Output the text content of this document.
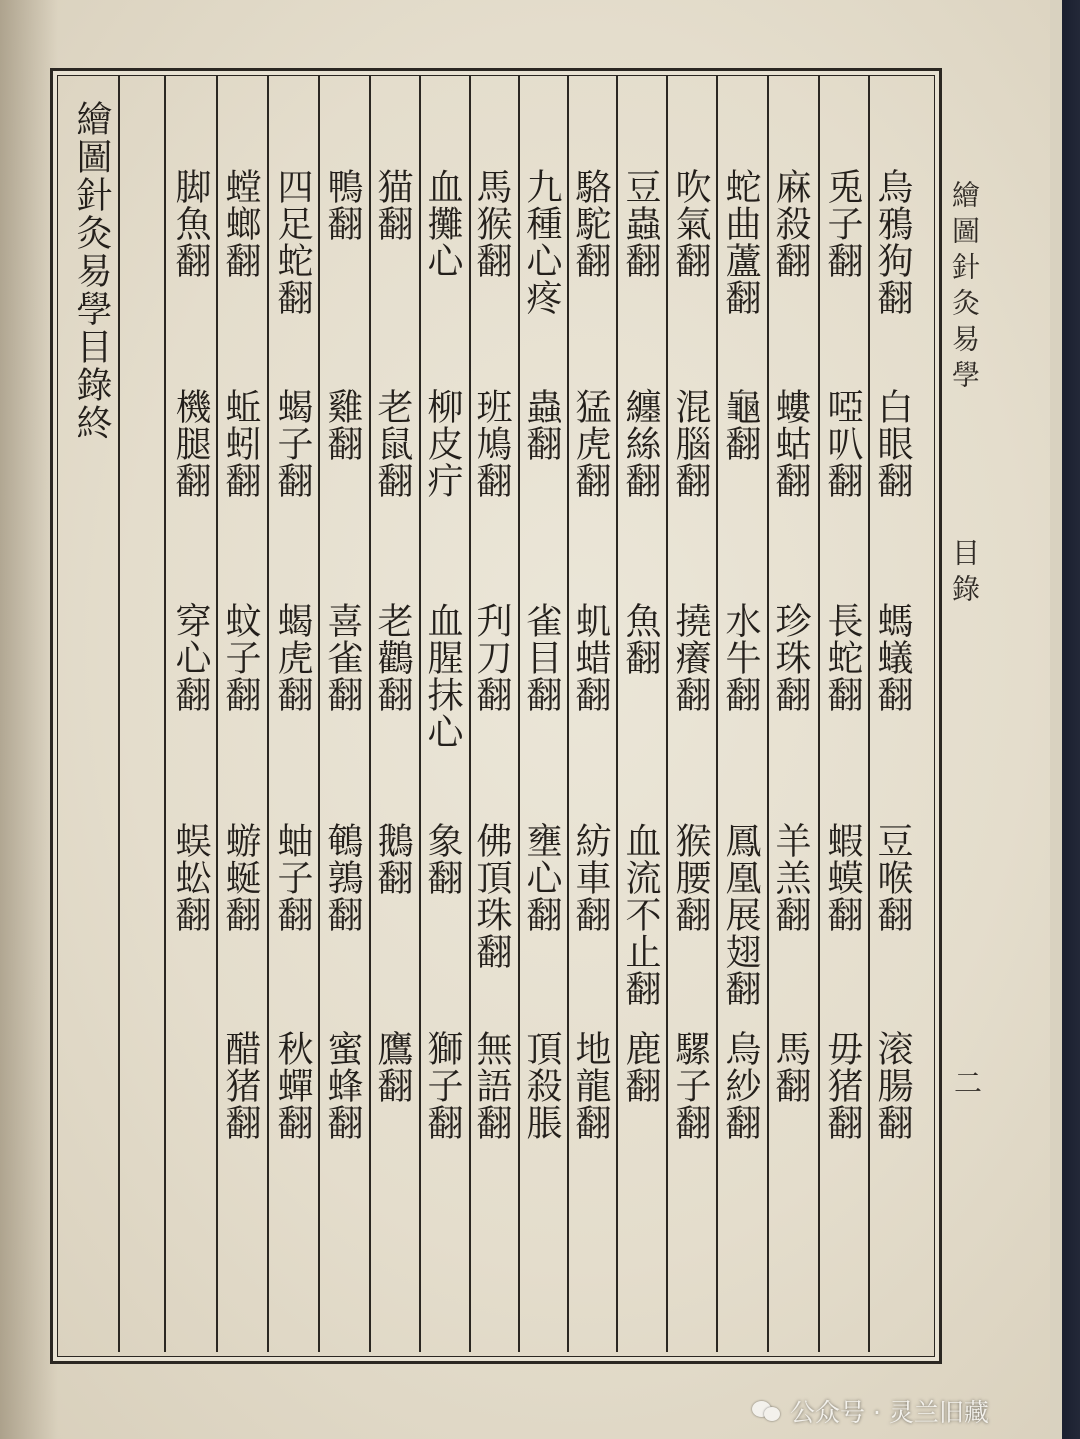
繪圖針灸易學
目錄
二
繪圖針灸易學目錄終	烏鴉狗翻
白眼翻
螞蟻翻
豆喉翻
滚腸翻
兎子翻
啞叭翻
長蛇翻
蝦蟆翻
毋猪翻
麻殺翻
螻蛄翻
珍珠翻
羊羔翻
馬翻
蛇曲蘆翻
龜翻
水牛翻
鳳凰展翅翻
烏紗翻
吹氣翻
混腦翻
撓癢翻
猴腰翻
騾子翻
豆蟲翻
纏絲翻
魚翻
血流不止翻
鹿翻
駱駝翻
猛虎翻
虮蜡翻
紡車翻
地龍翻
九種心疼
蟲翻
雀目翻
壅心翻
頂殺脹
馬猴翻
班鳩翻
刋刀翻
佛頂珠翻
無語翻
血攤心
柳皮疔
血腥抹心
象翻
獅子翻
猫翻
老鼠翻
老鸛翻
鵝翻
鷹翻
鴨翻
雞翻
喜雀翻
鵪鶉翻
蜜蜂翻
四足蛇翻
蝎子翻
蝎虎翻
蚰子翻
秋蟬翻
螳螂翻
蚯蚓翻
蚊子翻
蝣蜒翻
醋猪翻
脚魚翻
機腿翻
穿心翻
蜈蚣翻
公众号 · 灵兰旧藏
